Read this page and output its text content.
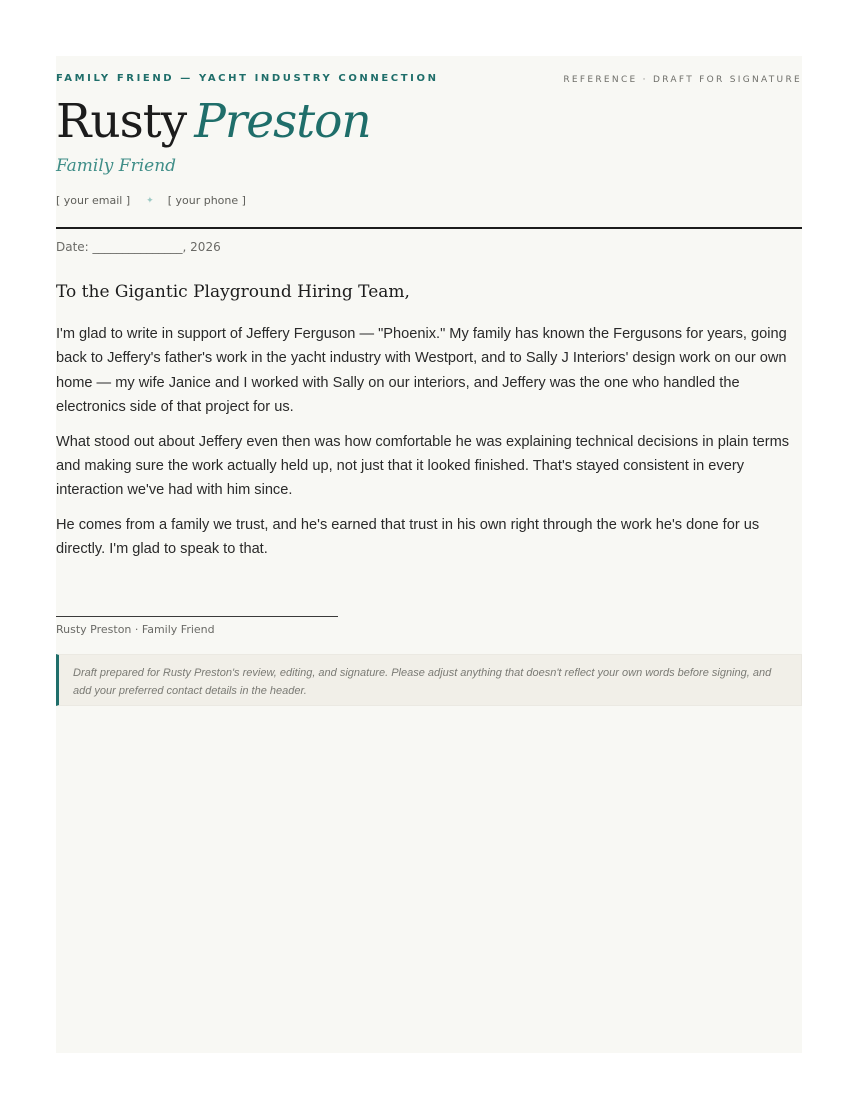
FAMILY FRIEND — YACHT INDUSTRY CONNECTION	REFERENCE · DRAFT FOR SIGNATURE
Rusty Preston
Family Friend
[ your email ] ✦ [ your phone ]
Date: _______________, 2026
To the Gigantic Playground Hiring Team,

I'm glad to write in support of Jeffery Ferguson — "Phoenix." My family has known the Fergusons for years, going back to Jeffery's father's work in the yacht industry with Westport, and to Sally J Interiors' design work on our own home — my wife Janice and I worked with Sally on our interiors, and Jeffery was the one who handled the electronics side of that project for us.

What stood out about Jeffery even then was how comfortable he was explaining technical decisions in plain terms and making sure the work actually held up, not just that it looked finished. That's stayed consistent in every interaction we've had with him since.

He comes from a family we trust, and he's earned that trust in his own right through the work he's done for us directly. I'm glad to speak to that.

Rusty Preston · Family Friend
Draft prepared for Rusty Preston's review, editing, and signature. Please adjust anything that doesn't reflect your own words before signing, and add your preferred contact details in the header.
